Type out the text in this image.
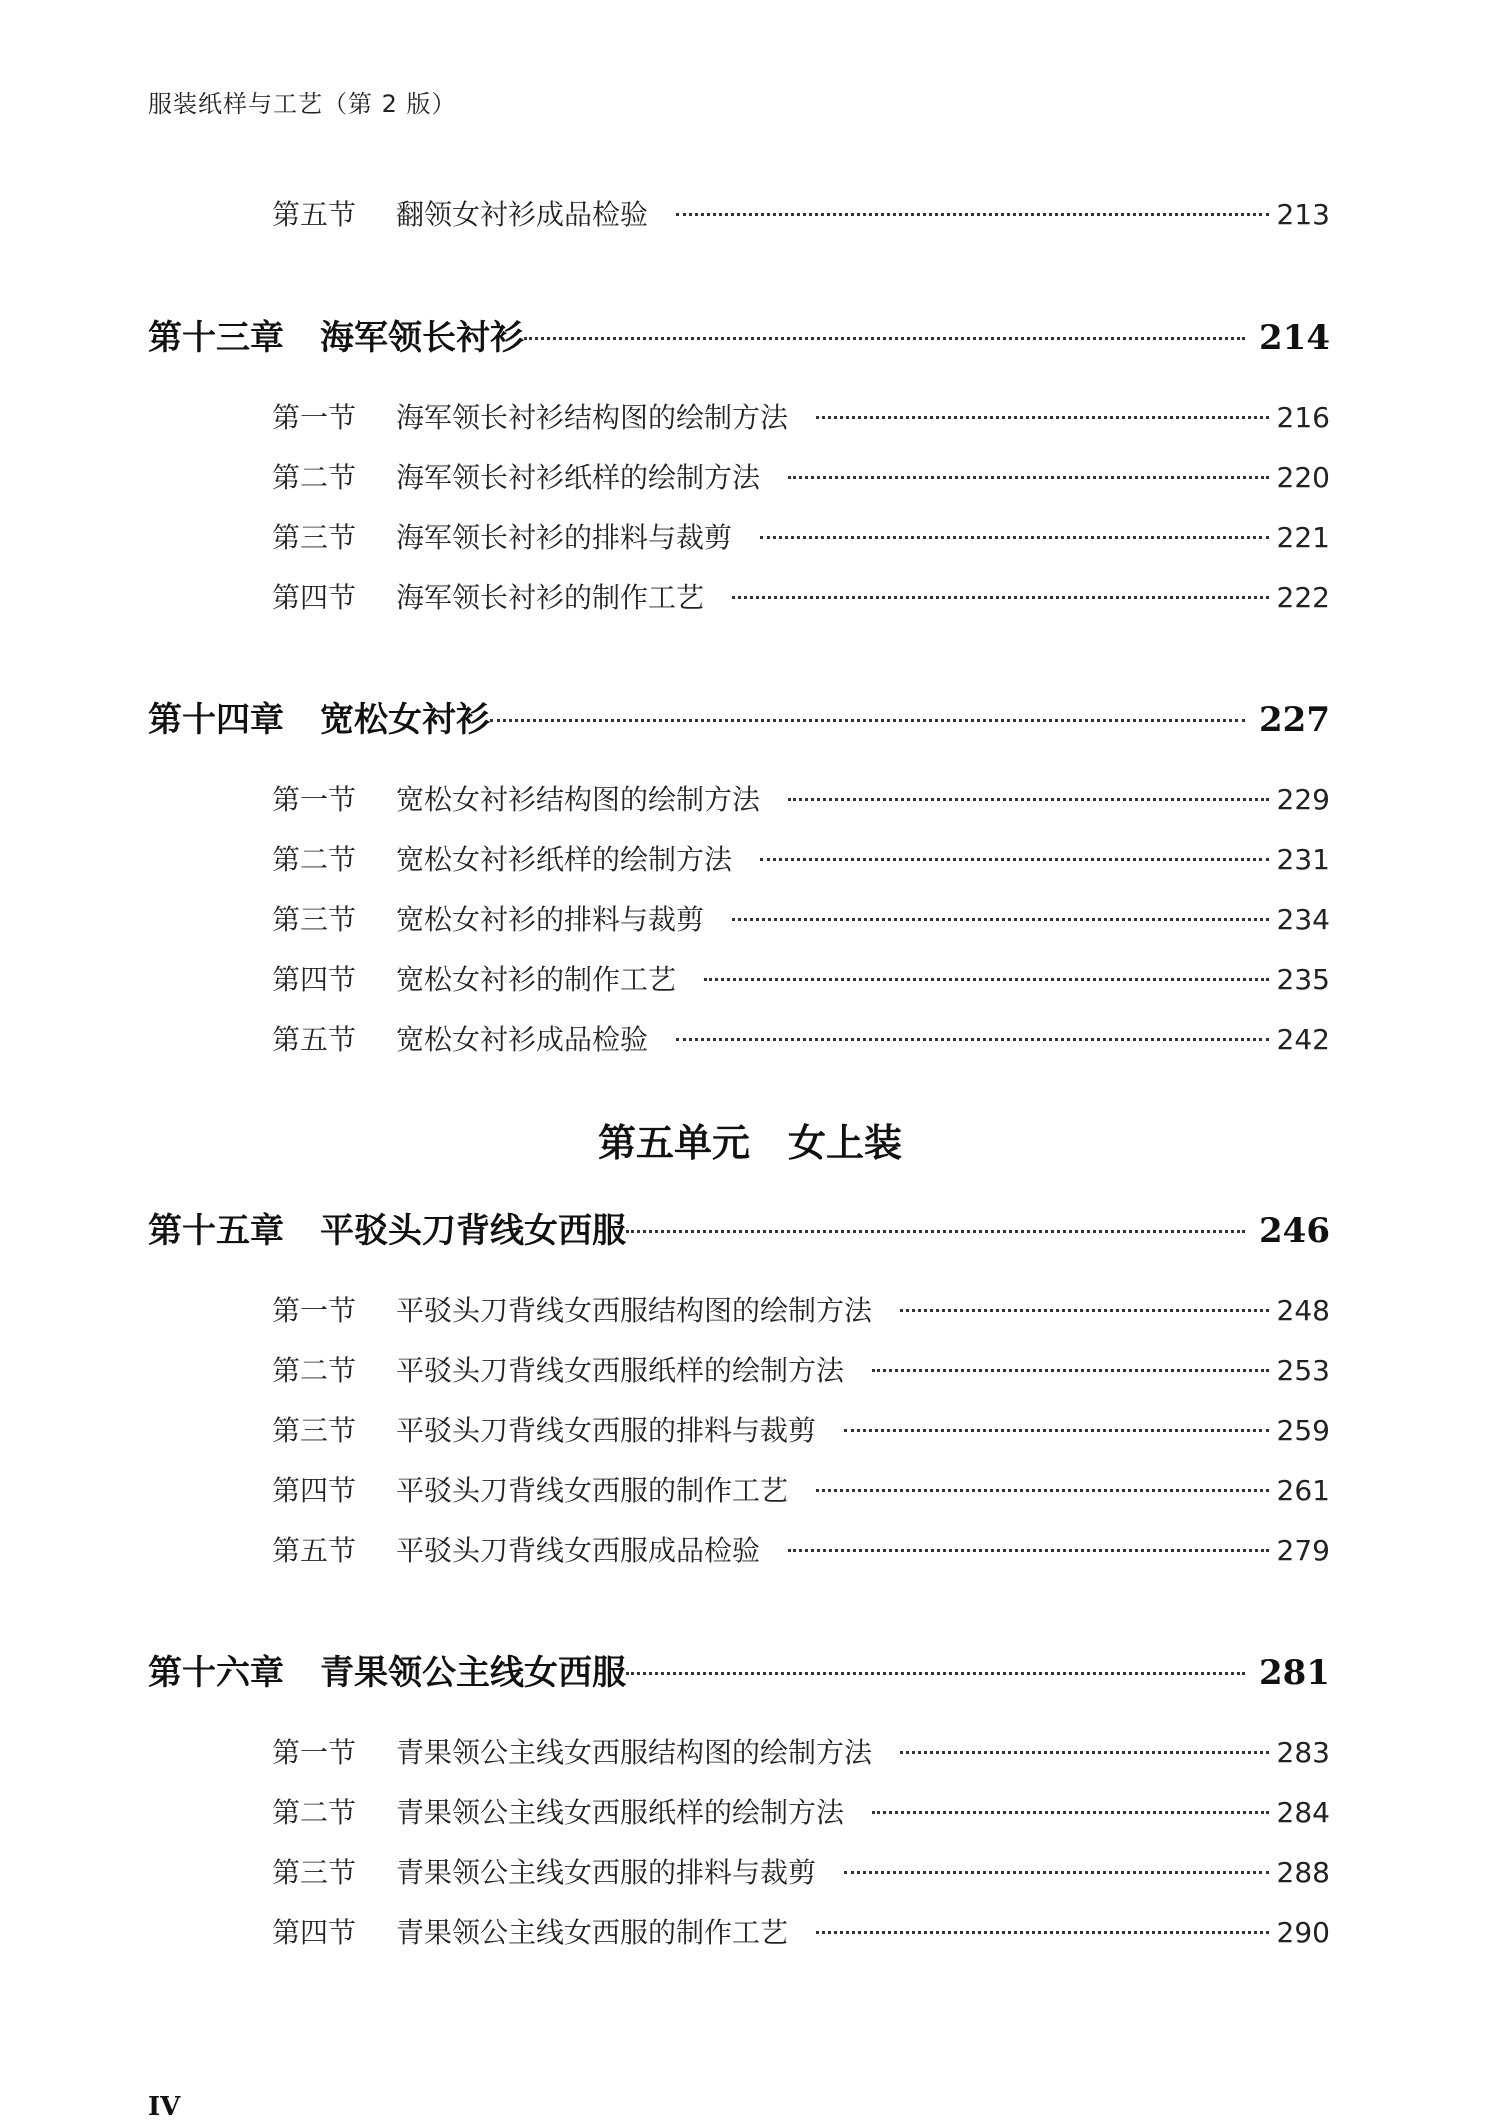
服装纸样与工艺（第 2 版）
第五节	翻领女衬衫成品检验	213
第十三章	海军领长衬衫	214
第一节	海军领长衬衫结构图的绘制方法	216
第二节	海军领长衬衫纸样的绘制方法	220
第三节	海军领长衬衫的排料与裁剪	221
第四节	海军领长衬衫的制作工艺	222
第十四章	宽松女衬衫	227
第一节	宽松女衬衫结构图的绘制方法	229
第二节	宽松女衬衫纸样的绘制方法	231
第三节	宽松女衬衫的排料与裁剪	234
第四节	宽松女衬衫的制作工艺	235
第五节	宽松女衬衫成品检验	242
第五单元 女上装
第十五章	平驳头刀背线女西服	246
第一节	平驳头刀背线女西服结构图的绘制方法	248
第二节	平驳头刀背线女西服纸样的绘制方法	253
第三节	平驳头刀背线女西服的排料与裁剪	259
第四节	平驳头刀背线女西服的制作工艺	261
第五节	平驳头刀背线女西服成品检验	279
第十六章	青果领公主线女西服	281
第一节	青果领公主线女西服结构图的绘制方法	283
第二节	青果领公主线女西服纸样的绘制方法	284
第三节	青果领公主线女西服的排料与裁剪	288
第四节	青果领公主线女西服的制作工艺	290
IV
